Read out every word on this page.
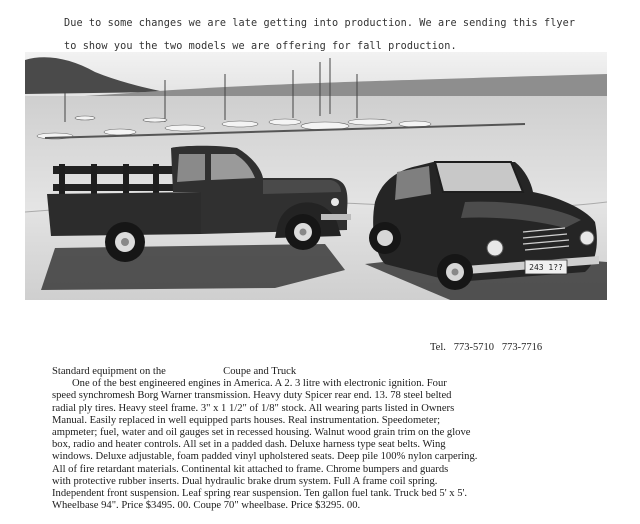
Due to some changes we are late getting into production. We are sending this flyer
to show you the two models we are offering for fall production.
243 1??
Tel. 773-5710 773-7716

Standard equipment on the	Coupe and Truck

One of the best engineered engines in America. A 2. 3 litre with electronic ignition. Four

speed synchromesh Borg Warner transmission. Heavy duty Spicer rear end. 13. 78 steel belted

radial ply tires. Heavy steel frame. 3" x 1 1/2" of 1/8" stock. All wearing parts listed in Owners

Manual. Easily replaced in well equipped parts houses. Real instrumentation. Speedometer;

ampmeter; fuel, water and oil gauges set in recessed housing. Walnut wood grain trim on the glove

box, radio and heater controls. All set in a padded dash. Deluxe harness type seat belts. Wing

windows. Deluxe adjustable, foam padded vinyl upholstered seats. Deep pile 100% nylon carpering.

All of fire retardant materials. Continental kit attached to frame. Chrome bumpers and guards

with protective rubber inserts. Dual hydraulic brake drum system. Full A frame coil spring.

Independent front suspension. Leaf spring rear suspension. Ten gallon fuel tank. Truck bed 5' x 5'.

Wheelbase 94". Price $3495. 00. Coupe 70" wheelbase. Price $3295. 00.
